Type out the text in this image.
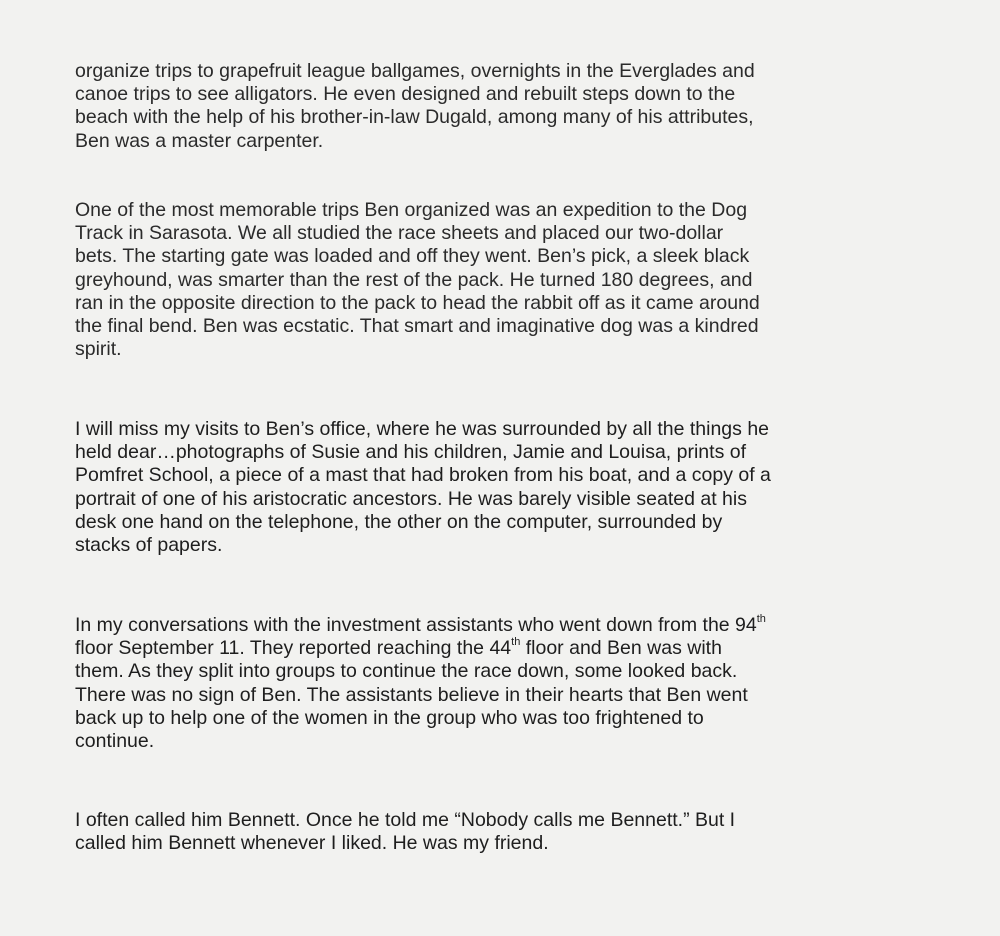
organize trips to grapefruit league ballgames, overnights in the Everglades and
canoe trips to see alligators. He even designed and rebuilt steps down to the
beach with the help of his brother-in-law Dugald, among many of his attributes,
Ben was a master carpenter.
One of the most memorable trips Ben organized was an expedition to the Dog
Track in Sarasota. We all studied the race sheets and placed our two-dollar
bets. The starting gate was loaded and off they went. Ben’s pick, a sleek black
greyhound, was smarter than the rest of the pack. He turned 180 degrees, and
ran in the opposite direction to the pack to head the rabbit off as it came around
the final bend. Ben was ecstatic. That smart and imaginative dog was a kindred
spirit.
I will miss my visits to Ben’s office, where he was surrounded by all the things he
held dear…photographs of Susie and his children, Jamie and Louisa, prints of
Pomfret School, a piece of a mast that had broken from his boat, and a copy of a
portrait of one of his aristocratic ancestors. He was barely visible seated at his
desk one hand on the telephone, the other on the computer, surrounded by
stacks of papers.
In my conversations with the investment assistants who went down from the 94th
floor September 11. They reported reaching the 44th floor and Ben was with
them. As they split into groups to continue the race down, some looked back.
There was no sign of Ben. The assistants believe in their hearts that Ben went
back up to help one of the women in the group who was too frightened to
continue.
I often called him Bennett. Once he told me “Nobody calls me Bennett.” But I
called him Bennett whenever I liked. He was my friend.
